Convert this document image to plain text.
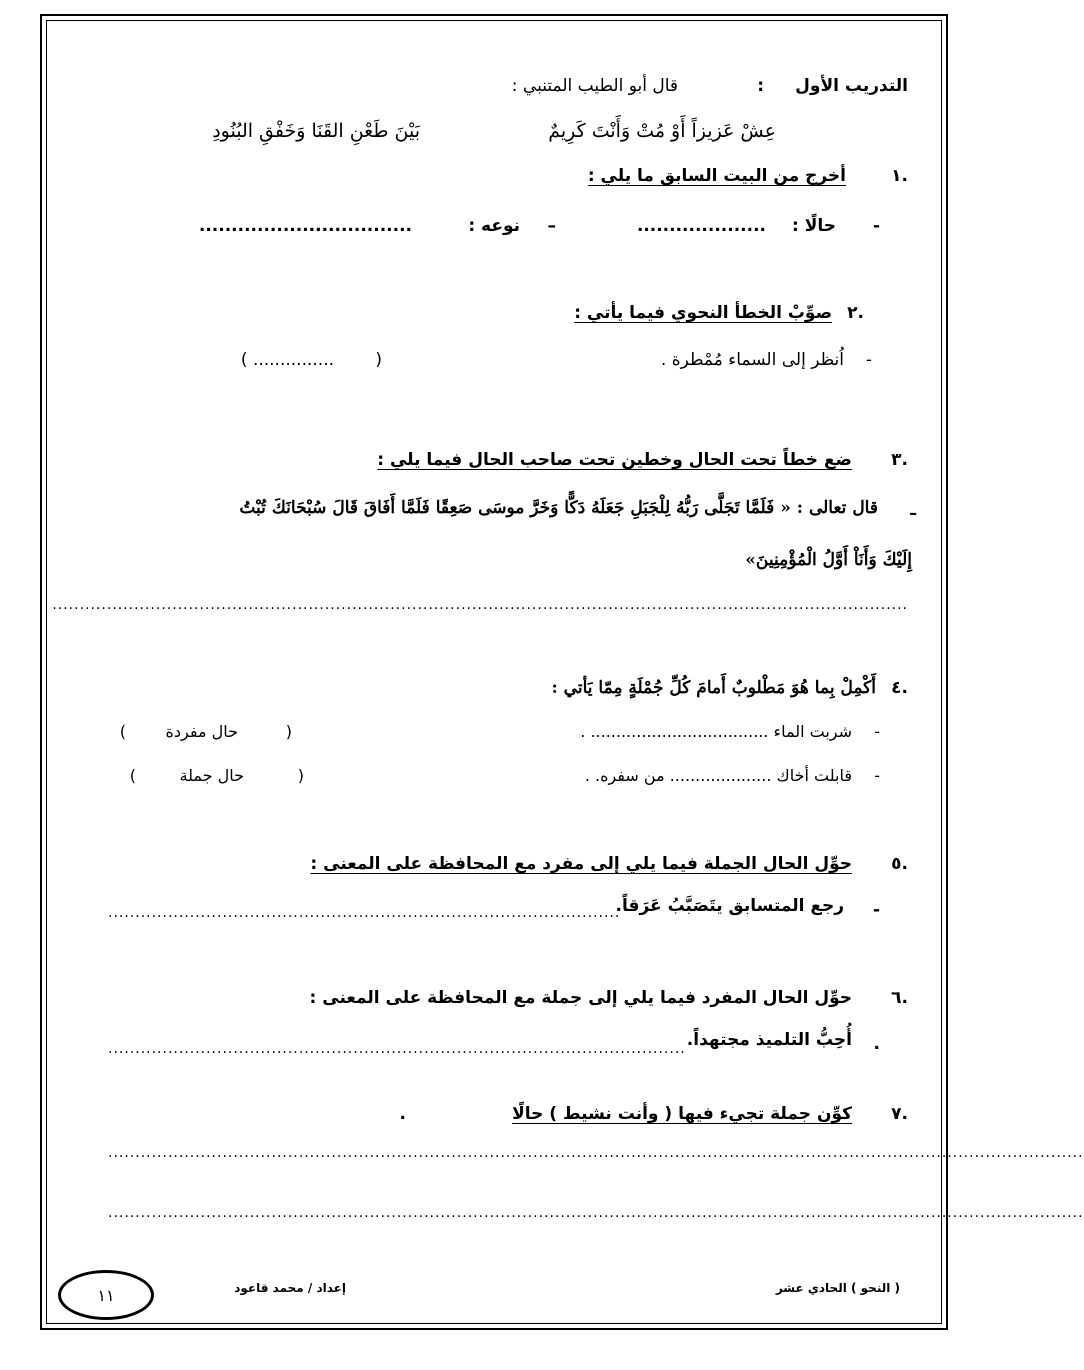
التدريب الأول
:
قال أبو الطيب المتنبي :
عِشْ عَزيزاً أَوْ مُتْ وَأَنْتَ كَرِيمٌ
بَيْنَ طَعْنِ القَنَا وَخَفْقِ البُنُودِ
.١
أخرج من البيت السابق ما يلي :
-
حالًا :
....................
–
نوعه :
.................................
.٢
صوِّبْ الخطأ النحوي فيما يأتي :
-
اُنظر إلى السماء مُمْطرة .
(
............... )
.٣
ضع خطاً تحت الحال وخطين تحت صاحب الحال فيما يلي :
ـ
قال تعالى : « فَلَمَّا تَجَلَّى رَبُّهُ لِلْجَبَلِ جَعَلَهُ دَكًّا وَخَرَّ موسَى صَعِقًا فَلَمَّا أَفَاقَ قَالَ سُبْحَانَكَ تُبْتُ
إِلَيْكَ وَأَنَاْ أَوَّلُ الْمُؤْمِنِينَ»
.............................................................................................................................................................
.٤
أَكْمِلْ بِما هُوَ مَطْلوبٌ أَمامَ كُلِّ جُمْلَةٍ مِمّا يَأتي :
-
شربت الماء ................................... .
(
حال مفردة
)
-
قابلت أخاك .................... من سفره. .
(
حال جملة
)
.٥
حوِّل الحال الجملة فيما يلي إلى مفرد مع المحافظة على المعنى :
-
رجع المتسابق يتَصَبَّبُ عَرَقاً.
..............................................................................................
.٦
حوِّل الحال المفرد فيما يلي إلى جملة مع المحافظة على المعنى :
.
أُحِبُّ التلميذ مجتهداً.
..........................................................................................................
.٧
كوِّن جملة تجيء فيها ( وأنت نشيط ) حالًا
.
...................................................................................................................................................................................
...................................................................................................................................................................................
( النحو ) الحادي عشر
إعداد / محمد قاعود
١١
